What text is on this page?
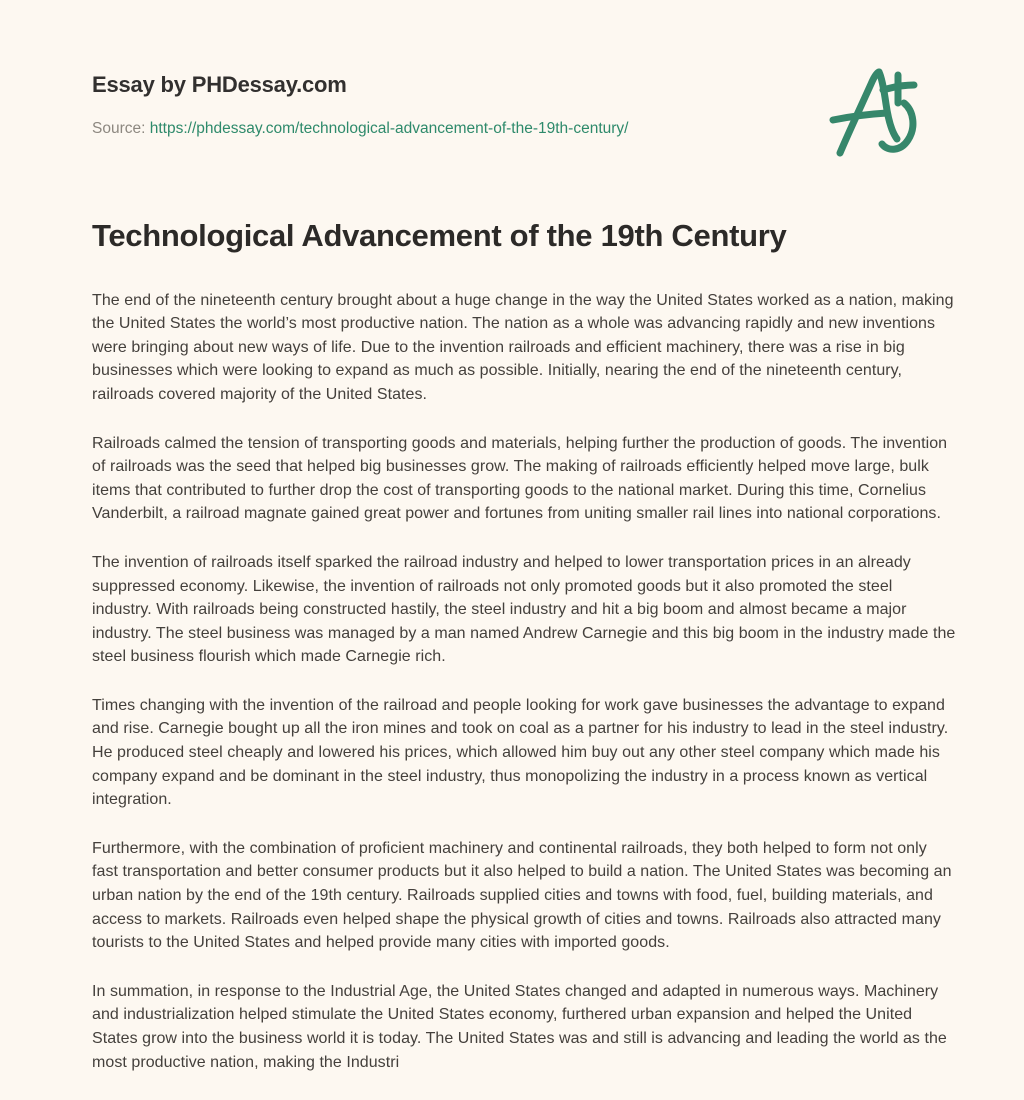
Essay by PHDessay.com
Source: https://phdessay.com/technological-advancement-of-the-19th-century/
Technological Advancement of the 19th Century

The end of the nineteenth century brought about a huge change in the way the United States worked as a nation, making the United States the world’s most productive nation. The nation as a whole was advancing rapidly and new inventions were bringing about new ways of life. Due to the invention railroads and efficient machinery, there was a rise in big businesses which were looking to expand as much as possible. Initially, nearing the end of the nineteenth century, railroads covered majority of the United States.

Railroads calmed the tension of transporting goods and materials, helping further the production of goods. The invention of railroads was the seed that helped big businesses grow. The making of railroads efficiently helped move large, bulk items that contributed to further drop the cost of transporting goods to the national market. During this time, Cornelius Vanderbilt, a railroad magnate gained great power and fortunes from uniting smaller rail lines into national corporations.

The invention of railroads itself sparked the railroad industry and helped to lower transportation prices in an already suppressed economy. Likewise, the invention of railroads not only promoted goods but it also promoted the steel industry. With railroads being constructed hastily, the steel industry and hit a big boom and almost became a major industry. The steel business was managed by a man named Andrew Carnegie and this big boom in the industry made the steel business flourish which made Carnegie rich.

Times changing with the invention of the railroad and people looking for work gave businesses the advantage to expand and rise. Carnegie bought up all the iron mines and took on coal as a partner for his industry to lead in the steel industry. He produced steel cheaply and lowered his prices, which allowed him buy out any other steel company which made his company expand and be dominant in the steel industry, thus monopolizing the industry in a process known as vertical integration.

Furthermore, with the combination of proficient machinery and continental railroads, they both helped to form not only fast transportation and better consumer products but it also helped to build a nation. The United States was becoming an urban nation by the end of the 19th century. Railroads supplied cities and towns with food, fuel, building materials, and access to markets. Railroads even helped shape the physical growth of cities and towns. Railroads also attracted many tourists to the United States and helped provide many cities with imported goods.

In summation, in response to the Industrial Age, the United States changed and adapted in numerous ways. Machinery and industrialization helped stimulate the United States economy, furthered urban expansion and helped the United States grow into the business world it is today. The United States was and still is advancing and leading the world as the most productive nation, making the Industri
